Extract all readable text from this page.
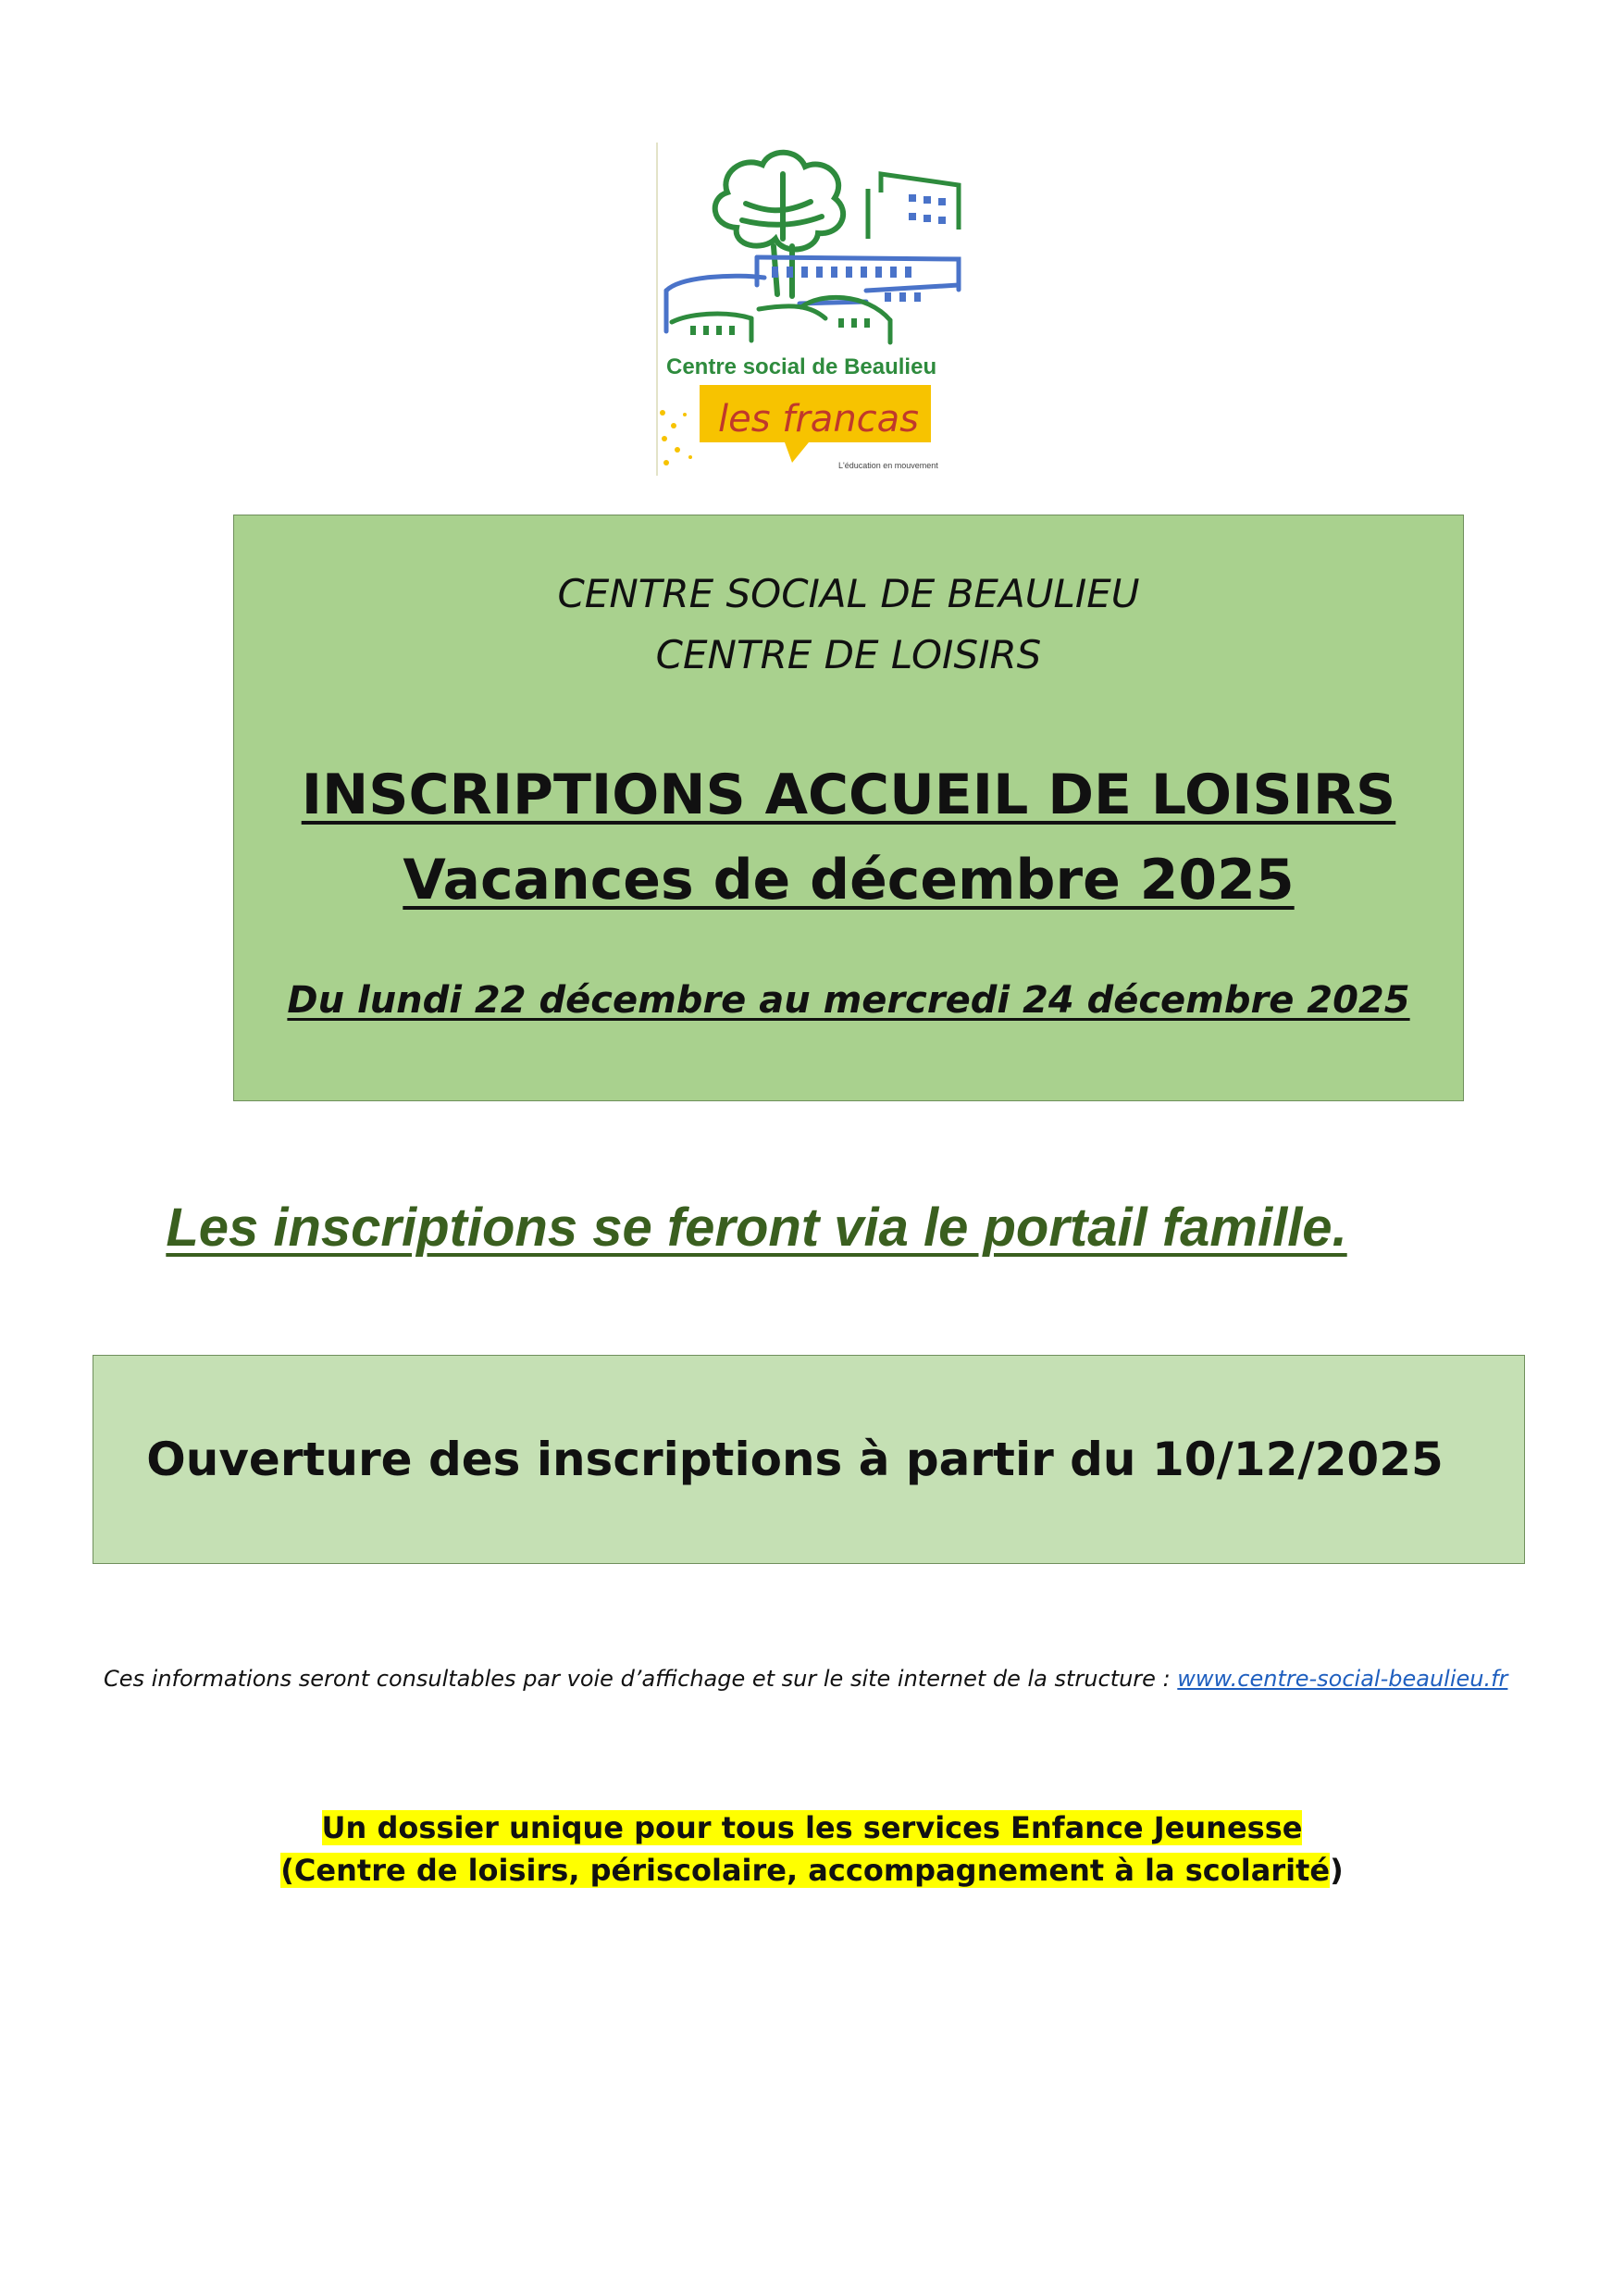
Centre social de Beaulieu
les francas
L'éducation en mouvement
CENTRE SOCIAL DE BEAULIEU
CENTRE DE LOISIRS
INSCRIPTIONS ACCUEIL DE LOISIRS
Vacances de décembre 2025
Du lundi 22 décembre au mercredi 24 décembre 2025
Les inscriptions se feront via le portail famille.
Ouverture des inscriptions à partir du 10/12/2025
Ces informations seront consultables par voie d’affichage et sur le site internet de la structure : www.centre-social-beaulieu.fr
Un dossier unique pour tous les services Enfance Jeunesse
(Centre de loisirs, périscolaire, accompagnement à la scolarité)
